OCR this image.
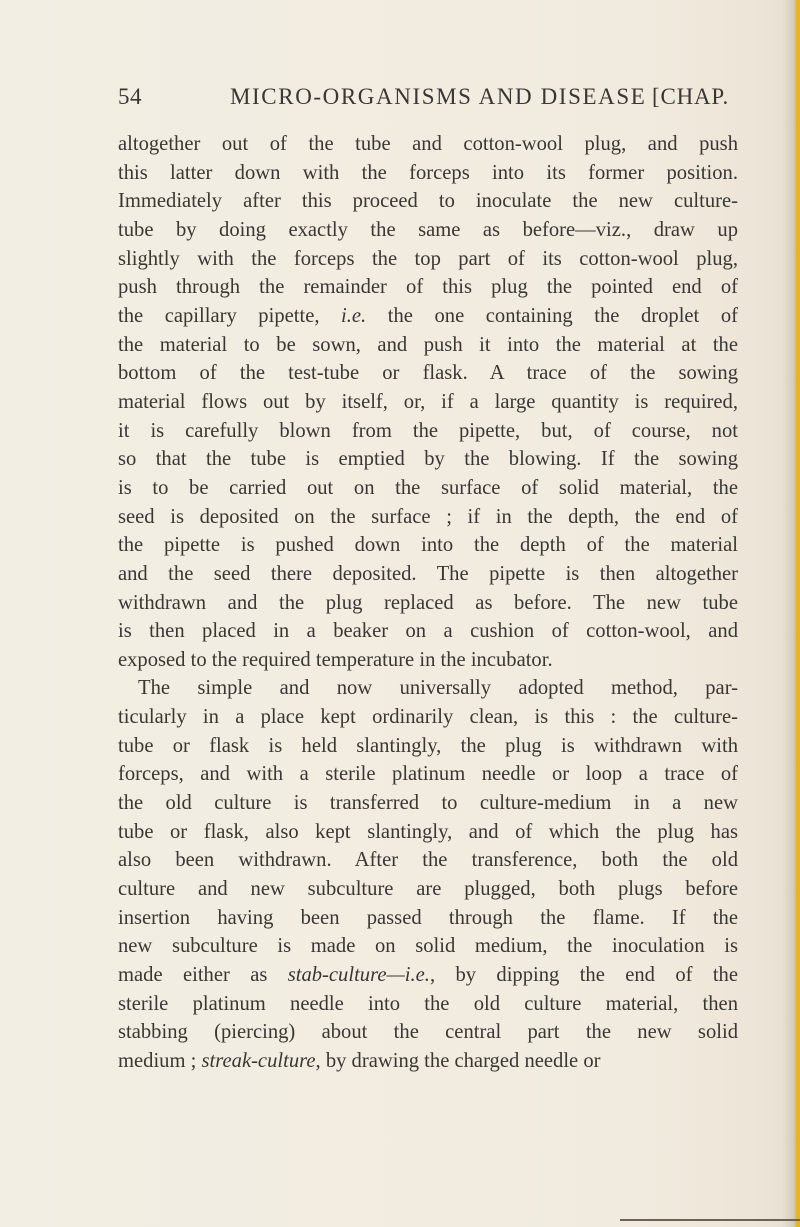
54	MICRO-ORGANISMS AND DISEASE [CHAP.
altogether out of the tube and cotton-wool plug, and push
this latter down with the forceps into its former position.
Immediately after this proceed to inoculate the new culture-
tube by doing exactly the same as before—viz., draw up
slightly with the forceps the top part of its cotton-wool plug,
push through the remainder of this plug the pointed end of
the capillary pipette, i.e. the one containing the droplet of
the material to be sown, and push it into the material at the
bottom of the test-tube or flask. A trace of the sowing
material flows out by itself, or, if a large quantity is required,
it is carefully blown from the pipette, but, of course, not
so that the tube is emptied by the blowing. If the sowing
is to be carried out on the surface of solid material, the
seed is deposited on the surface ; if in the depth, the end of
the pipette is pushed down into the depth of the material
and the seed there deposited. The pipette is then altogether
withdrawn and the plug replaced as before. The new tube
is then placed in a beaker on a cushion of cotton-wool, and
exposed to the required temperature in the incubator.
The simple and now universally adopted method, par-
ticularly in a place kept ordinarily clean, is this : the culture-
tube or flask is held slantingly, the plug is withdrawn with
forceps, and with a sterile platinum needle or loop a trace of
the old culture is transferred to culture-medium in a new
tube or flask, also kept slantingly, and of which the plug has
also been withdrawn. After the transference, both the old
culture and new subculture are plugged, both plugs before
insertion having been passed through the flame. If the
new subculture is made on solid medium, the inoculation is
made either as stab-culture—i.e., by dipping the end of the
sterile platinum needle into the old culture material, then
stabbing (piercing) about the central part the new solid
medium ; streak-culture, by drawing the charged needle or
